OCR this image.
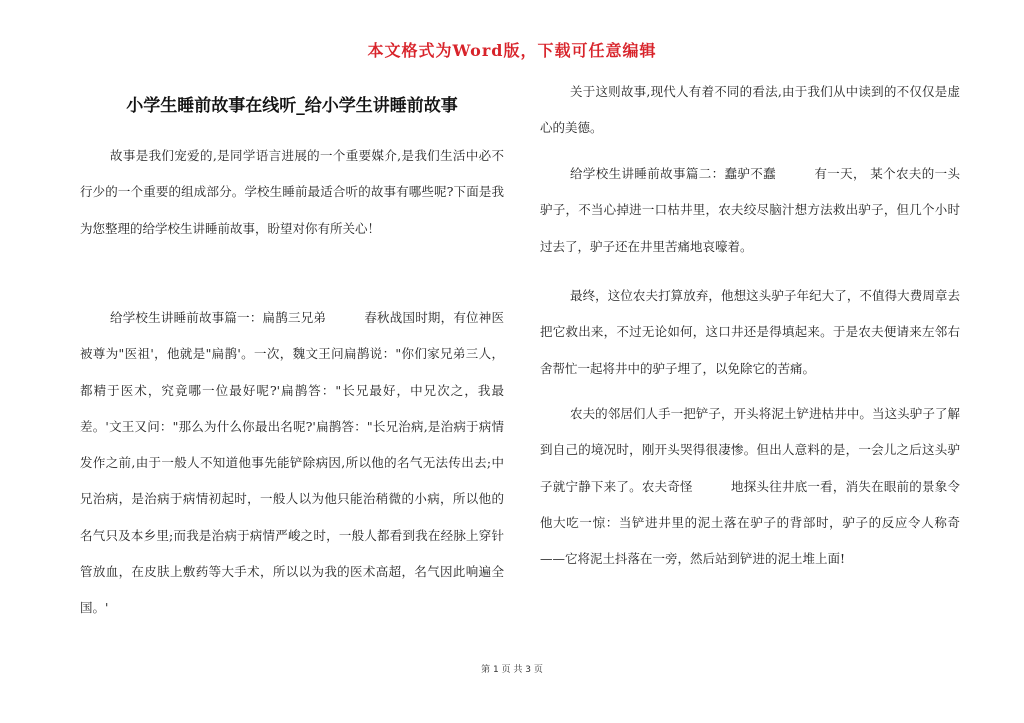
本文格式为Word版，下载可任意编辑
小学生睡前故事在线听_给小学生讲睡前故事

故事是我们宠爱的,是同学语言进展的一个重要媒介,是我们生活中必不行少的一个重要的组成部分。学校生睡前最适合听的故事有哪些呢?下面是我为您整理的给学校生讲睡前故事，盼望对你有所关心！

给学校生讲睡前故事篇一：扁鹊三兄弟	春秋战国时期，有位神医被尊为"医祖'，他就是"扁鹊'。一次，魏文王问扁鹊说："你们家兄弟三人，都精于医术，究竟哪一位最好呢?'扁鹊答："长兄最好，中兄次之，我最差。'文王又问："那么为什么你最出名呢?'扁鹊答："长兄治病,是治病于病情发作之前,由于一般人不知道他事先能铲除病因,所以他的名气无法传出去;中兄治病，是治病于病情初起时，一般人以为他只能治稍微的小病，所以他的名气只及本乡里;而我是治病于病情严峻之时，一般人都看到我在经脉上穿针管放血，在皮肤上敷药等大手术，所以以为我的医术高超，名气因此响遍全国。'

关于这则故事,现代人有着不同的看法,由于我们从中读到的不仅仅是虚心的美德。

给学校生讲睡前故事篇二：蠢驴不蠢	有一天， 某个农夫的一头驴子，不当心掉进一口枯井里，农夫绞尽脑汁想方法救出驴子，但几个小时过去了，驴子还在井里苦痛地哀嚎着。

最终，这位农夫打算放弃，他想这头驴子年纪大了，不值得大费周章去把它救出来，不过无论如何，这口井还是得填起来。于是农夫便请来左邻右舍帮忙一起将井中的驴子埋了，以免除它的苦痛。

农夫的邻居们人手一把铲子，开头将泥土铲进枯井中。当这头驴子了解到自己的境况时，刚开头哭得很凄惨。但出人意料的是，一会儿之后这头驴子就宁静下来了。农夫奇怪	地探头往井底一看，消失在眼前的景象令他大吃一惊：当铲进井里的泥土落在驴子的背部时，驴子的反应令人称奇——它将泥土抖落在一旁，然后站到铲进的泥土堆上面!

第 1 页 共 3 页
